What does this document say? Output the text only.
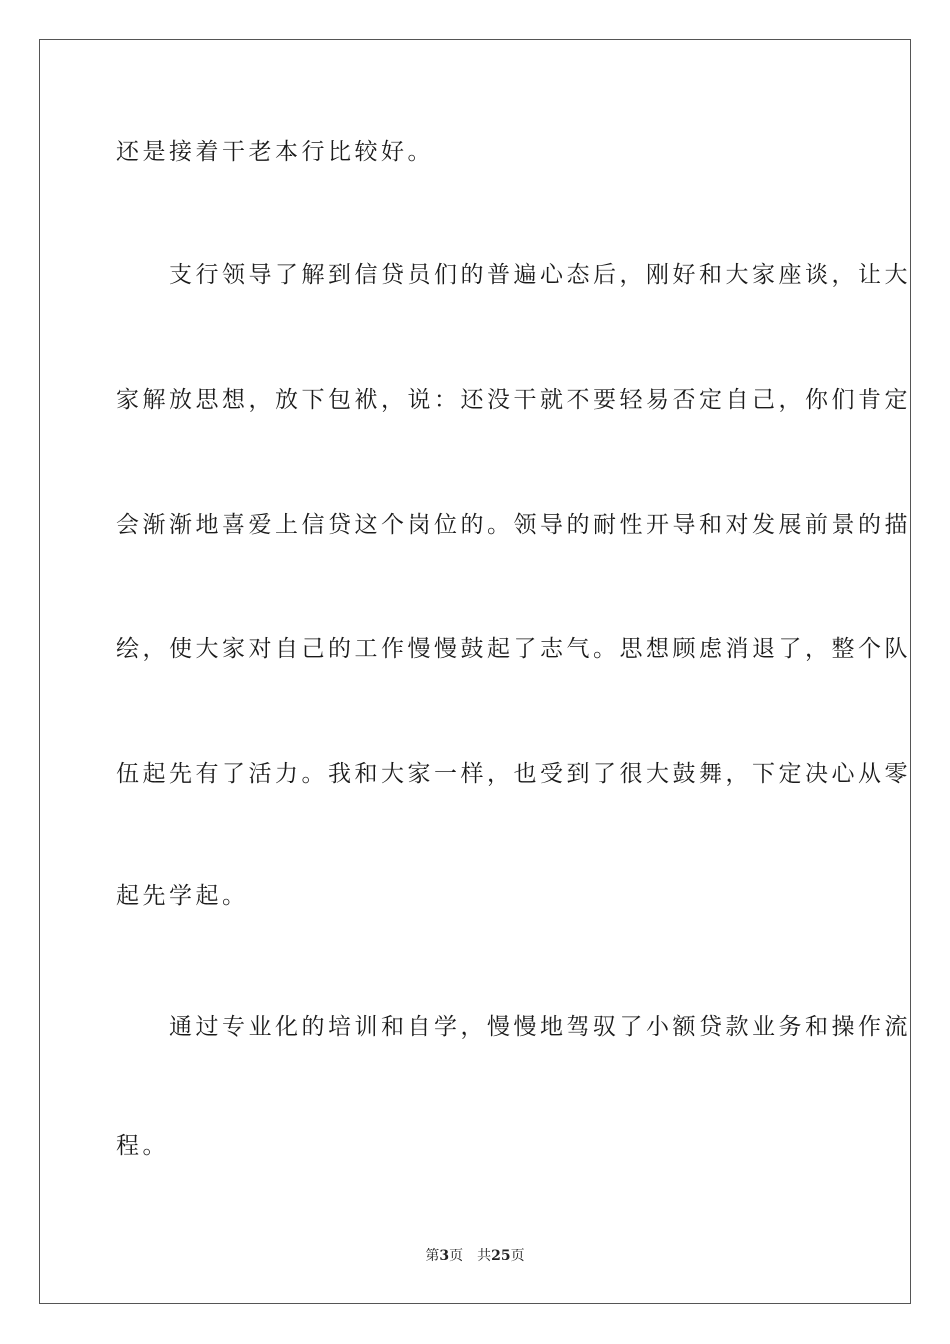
还是接着干老本行比较好。
　　支行领导了解到信贷员们的普遍心态后，刚好和大家座谈，让大
家解放思想，放下包袱，说：还没干就不要轻易否定自己，你们肯定
会渐渐地喜爱上信贷这个岗位的。领导的耐性开导和对发展前景的描
绘，使大家对自己的工作慢慢鼓起了志气。思想顾虑消退了，整个队
伍起先有了活力。我和大家一样，也受到了很大鼓舞，下定决心从零
起先学起。
　　通过专业化的培训和自学，慢慢地驾驭了小额贷款业务和操作流
程。
第3页 共25页
